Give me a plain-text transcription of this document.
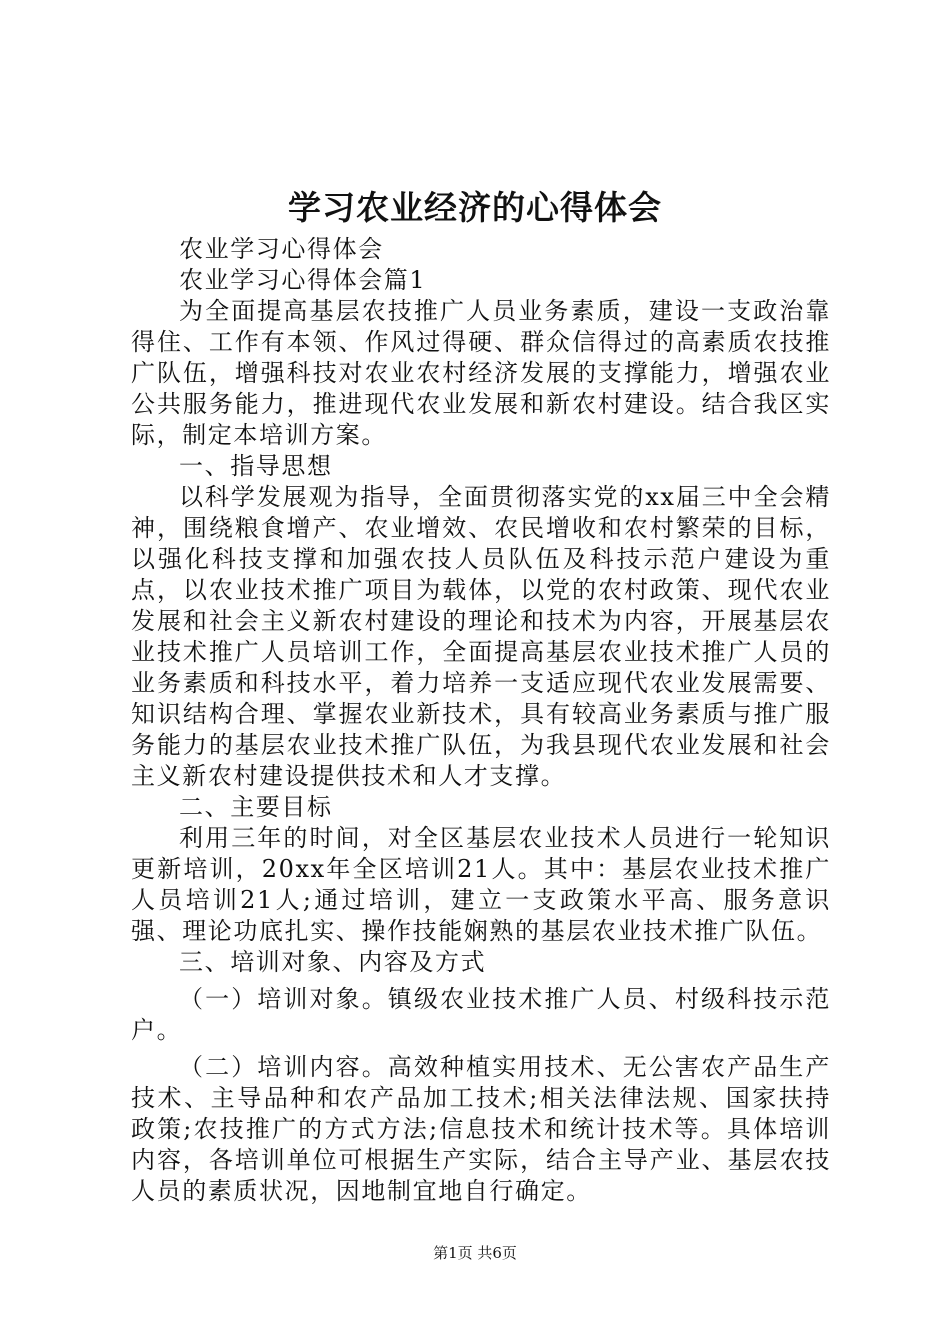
学习农业经济的心得体会

农业学习心得体会

农业学习心得体会篇1

为全面提高基层农技推广人员业务素质，建设一支政治靠得住、工作有本领、作风过得硬、群众信得过的高素质农技推广队伍，增强科技对农业农村经济发展的支撑能力，增强农业公共服务能力，推进现代农业发展和新农村建设。结合我区实际，制定本培训方案。

一、指导思想

以科学发展观为指导，全面贯彻落实党的xx届三中全会精神，围绕粮食增产、农业增效、农民增收和农村繁荣的目标，以强化科技支撑和加强农技人员队伍及科技示范户建设为重点，以农业技术推广项目为载体，以党的农村政策、现代农业发展和社会主义新农村建设的理论和技术为内容，开展基层农业技术推广人员培训工作，全面提高基层农业技术推广人员的业务素质和科技水平，着力培养一支适应现代农业发展需要、知识结构合理、掌握农业新技术，具有较高业务素质与推广服务能力的基层农业技术推广队伍，为我县现代农业发展和社会主义新农村建设提供技术和人才支撑。

二、主要目标

利用三年的时间，对全区基层农业技术人员进行一轮知识更新培训，20xx年全区培训21人。其中：基层农业技术推广人员培训21人;通过培训，建立一支政策水平高、服务意识强、理论功底扎实、操作技能娴熟的基层农业技术推广队伍。

三、培训对象、内容及方式

（一）培训对象。镇级农业技术推广人员、村级科技示范户。

（二）培训内容。高效种植实用技术、无公害农产品生产技术、主导品种和农产品加工技术;相关法律法规、国家扶持政策;农技推广的方式方法;信息技术和统计技术等。具体培训内容，各培训单位可根据生产实际，结合主导产业、基层农技人员的素质状况，因地制宜地自行确定。

第1页 共6页
